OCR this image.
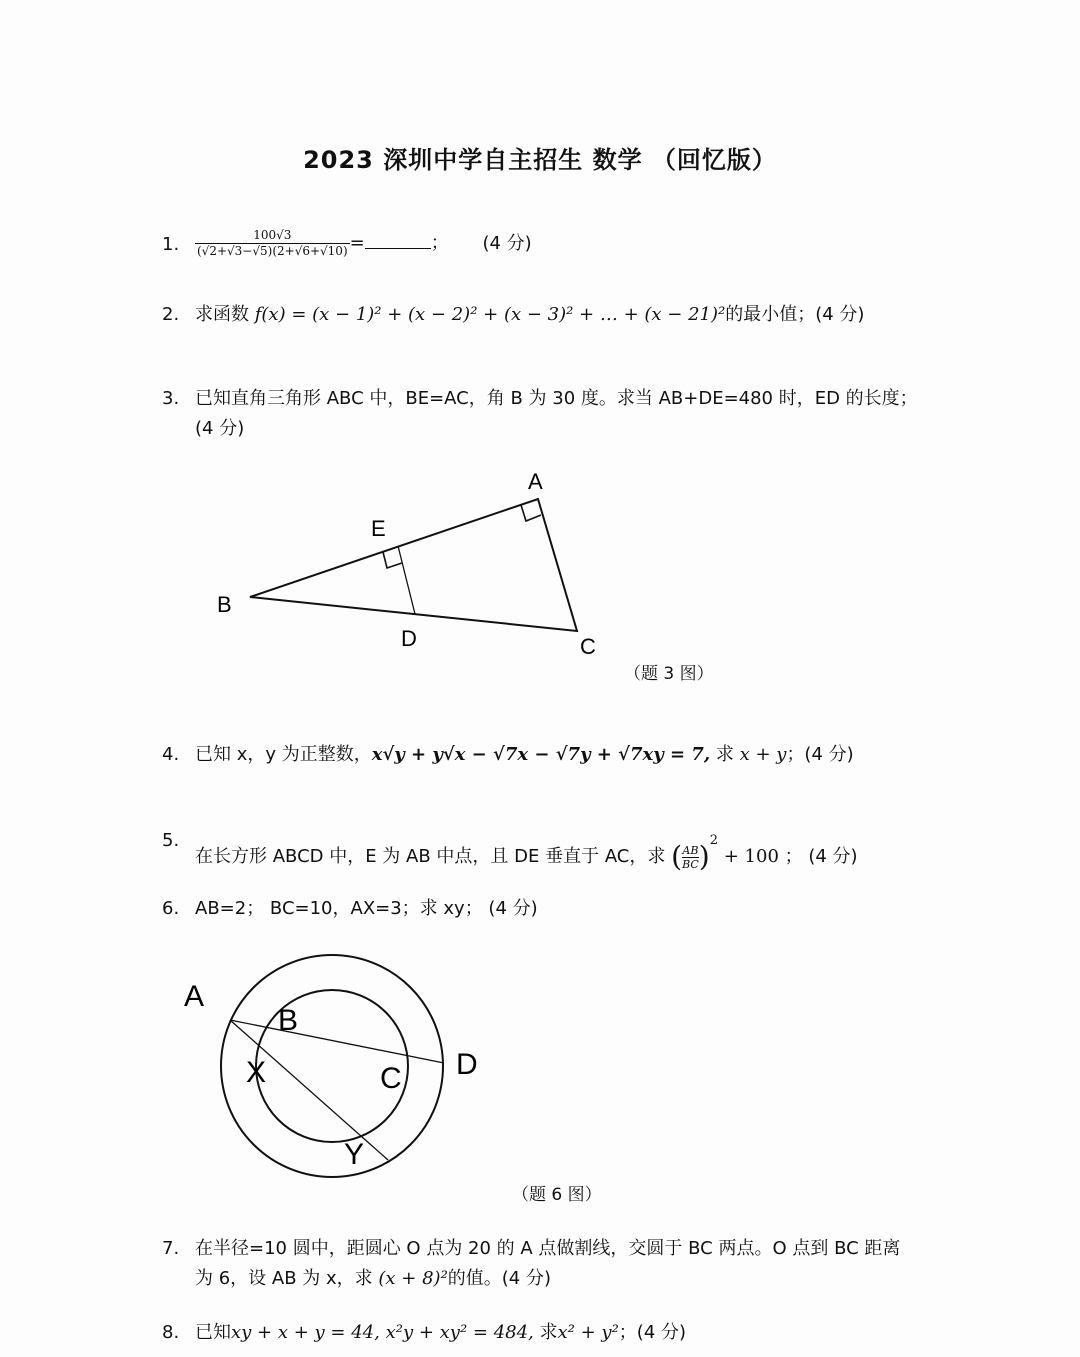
2023 深圳中学自主招生 数学 （回忆版）
1.	$\frac{100√3}{(√2+√3-√5)(2+√6+√10)}$ =	； (4 分)
2. 求函数 f(x) = (x − 1)² + (x − 2)² + (x − 3)² + … + (x − 21)²的最小值；(4 分)
3. 已知直角三角形 ABC 中，BE=AC，角 B 为 30 度。求当 AB+DE=480 时，ED 的长度；(4 分)
A
B
C
D
E
（题 3 图）
4. 已知 x，y 为正整数，x√y + y√x − √7x − √7y + √7xy = 7, 求 x + y；(4 分)
5.
在长方形 ABCD 中，E 为 AB 中点，且 DE 垂直于 AC，求 ( $\frac{AB}{BC} )^2 + 100$ ； (4 分)
6. AB=2； BC=10，AX=3；求 xy； (4 分)
A
B
C D
X
Y
（题 6 图）
7. 在半径=10 圆中，距圆心 O 点为 20 的 A 点做割线，交圆于 BC 两点。O 点到 BC 距离
为 6，设 AB 为 x，求 (x + 8)²的值。(4 分)
8. 已知xy + x + y = 44, x²y + xy² = 484, 求x² + y²；(4 分)
